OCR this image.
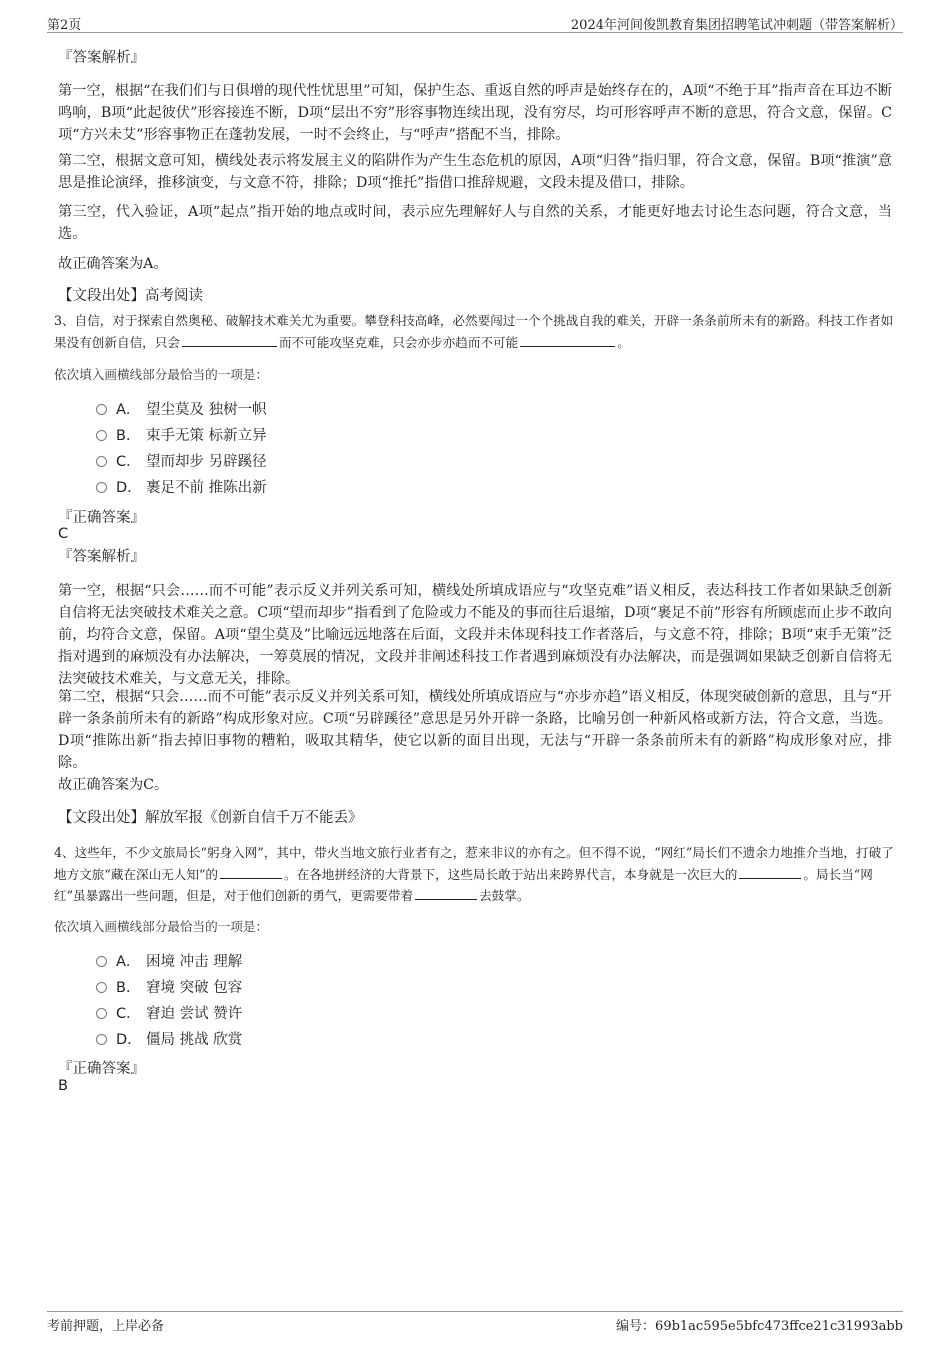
第2页	2024年河间俊凯教育集团招聘笔试冲刺题（带答案解析）
『答案解析』

第一空，根据“在我们们与日俱增的现代性忧思里”可知，保护生态、重返自然的呼声是始终存在的，A项“不绝于耳”指声音在耳边不断鸣响，B项“此起彼伏”形容接连不断，D项“层出不穷”形容事物连续出现，没有穷尽，均可形容呼声不断的意思，符合文意，保留。C项“方兴未艾”形容事物正在蓬勃发展，一时不会终止，与“呼声”搭配不当，排除。

第二空，根据文意可知，横线处表示将发展主义的陷阱作为产生生态危机的原因，A项“归咎”指归罪，符合文意，保留。B项“推演”意思是推论演绎，推移演变，与文意不符，排除；D项“推托”指借口推辞规避，文段未提及借口，排除。

第三空，代入验证，A项“起点”指开始的地点或时间，表示应先理解好人与自然的关系，才能更好地去讨论生态问题，符合文意，当选。

故正确答案为A。

【文段出处】高考阅读

3、自信，对于探索自然奥秘、破解技术难关尤为重要。攀登科技高峰，必然要闯过一个个挑战自我的难关，开辟一条条前所未有的新路。科技工作者如果没有创新自信，只会	而不可能攻坚克难，只会亦步亦趋而不可能	。

依次填入画横线部分最恰当的一项是：
A． 望尘莫及 独树一帜
B． 束手无策 标新立异
C． 望而却步 另辟蹊径
D． 裹足不前 推陈出新
『正确答案』
C
『答案解析』

第一空，根据“只会……而不可能”表示反义并列关系可知，横线处所填成语应与“攻坚克难”语义相反，表达科技工作者如果缺乏创新自信将无法突破技术难关之意。C项“望而却步”指看到了危险或力不能及的事而往后退缩，D项“裹足不前”形容有所顾虑而止步不敢向前，均符合文意，保留。A项“望尘莫及”比喻远远地落在后面，文段并未体现科技工作者落后，与文意不符，排除；B项“束手无策”泛指对遇到的麻烦没有办法解决，一筹莫展的情况，文段并非阐述科技工作者遇到麻烦没有办法解决，而是强调如果缺乏创新自信将无法突破技术难关，与文意无关，排除。

第二空，根据“只会……而不可能”表示反义并列关系可知，横线处所填成语应与“亦步亦趋”语义相反，体现突破创新的意思，且与“开辟一条条前所未有的新路”构成形象对应。C项“另辟蹊径”意思是另外开辟一条路，比喻另创一种新风格或新方法，符合文意，当选。D项“推陈出新”指去掉旧事物的糟粕，吸取其精华，使它以新的面目出现，无法与“开辟一条条前所未有的新路”构成形象对应，排除。

故正确答案为C。

【文段出处】解放军报《创新自信千万不能丢》

4、这些年，不少文旅局长“躬身入网”，其中，带火当地文旅行业者有之，惹来非议的亦有之。但不得不说，“网红”局长们不遗余力地推介当地，打破了地方文旅“藏在深山无人知”的	。在各地拼经济的大背景下，这些局长敢于站出来跨界代言，本身就是一次巨大的	。局长当“网红”虽暴露出一些问题，但是，对于他们创新的勇气，更需要带着	去鼓掌。

依次填入画横线部分最恰当的一项是：
A． 困境 冲击 理解
B． 窘境 突破 包容
C． 窘迫 尝试 赞许
D． 僵局 挑战 欣赏
『正确答案』
B
考前押题，上岸必备	编号：69b1ac595e5bfc473ffce21c31993abb
